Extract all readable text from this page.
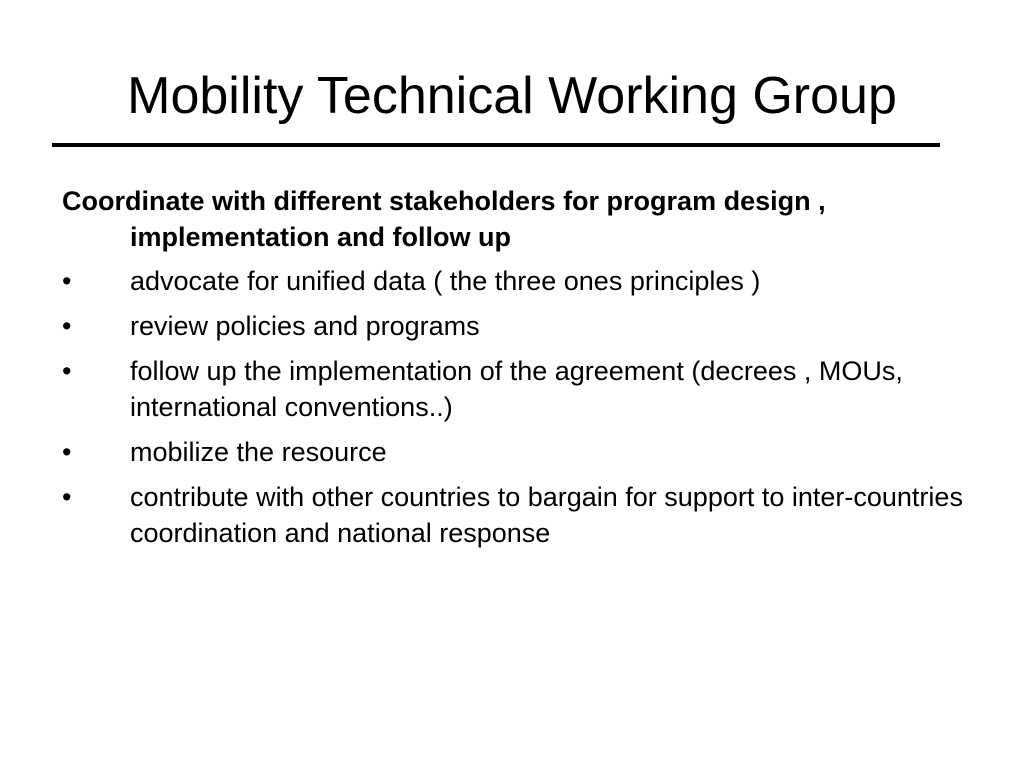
Mobility Technical Working Group

Coordinate with different stakeholders for program design , implementation and follow up

•	advocate for unified data ( the three ones principles )
•	review policies and programs
•	follow up the implementation of the agreement (decrees , MOUs, international conventions..)
•	mobilize the resource
•	contribute with other countries to bargain for support to inter-countries coordination and national response
